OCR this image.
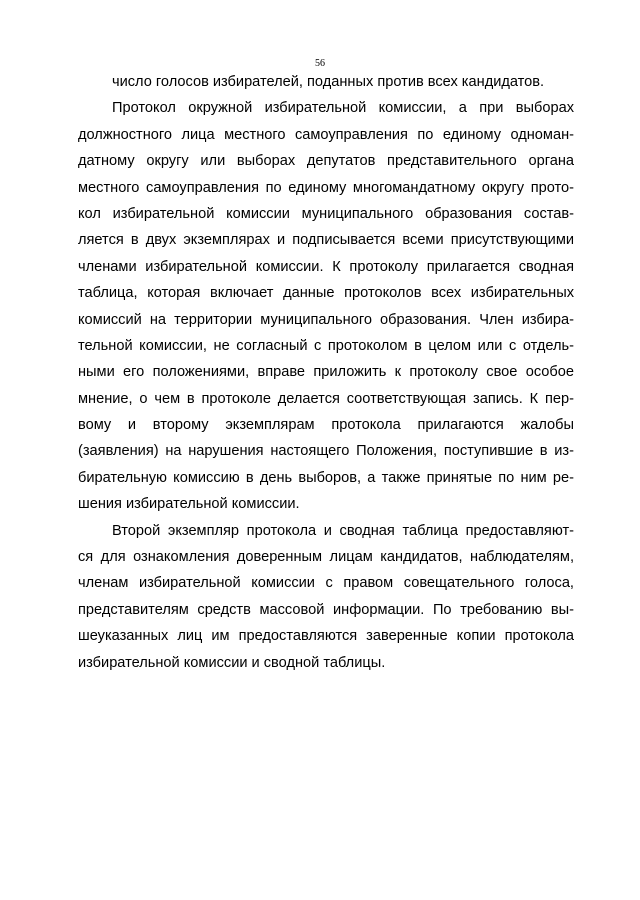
56
число голосов избирателей, поданных против всех кандидатов.
Протокол окружной избирательной комиссии, а при выборах
должностного лица местного самоуправления по единому одноман-
датному округу или выборах депутатов представительного органа
местного самоуправления по единому многомандатному округу прото-
кол избирательной комиссии муниципального образования состав-
ляется в двух экземплярах и подписывается всеми присутствующими
членами избирательной комиссии. К протоколу прилагается сводная
таблица, которая включает данные протоколов всех избирательных
комиссий на территории муниципального образования. Член избира-
тельной комиссии, не согласный с протоколом в целом или с отдель-
ными его положениями, вправе приложить к протоколу свое особое
мнение, о чем в протоколе делается соответствующая запись. К пер-
вому и второму экземплярам протокола прилагаются жалобы
(заявления) на нарушения настоящего Положения, поступившие в из-
бирательную комиссию в день выборов, а также принятые по ним ре-
шения избирательной комиссии.
Второй экземпляр протокола и сводная таблица предоставляют-
ся для ознакомления доверенным лицам кандидатов, наблюдателям,
членам избирательной комиссии с правом совещательного голоса,
представителям средств массовой информации. По требованию вы-
шеуказанных лиц им предоставляются заверенные копии протокола
избирательной комиссии и сводной таблицы.
